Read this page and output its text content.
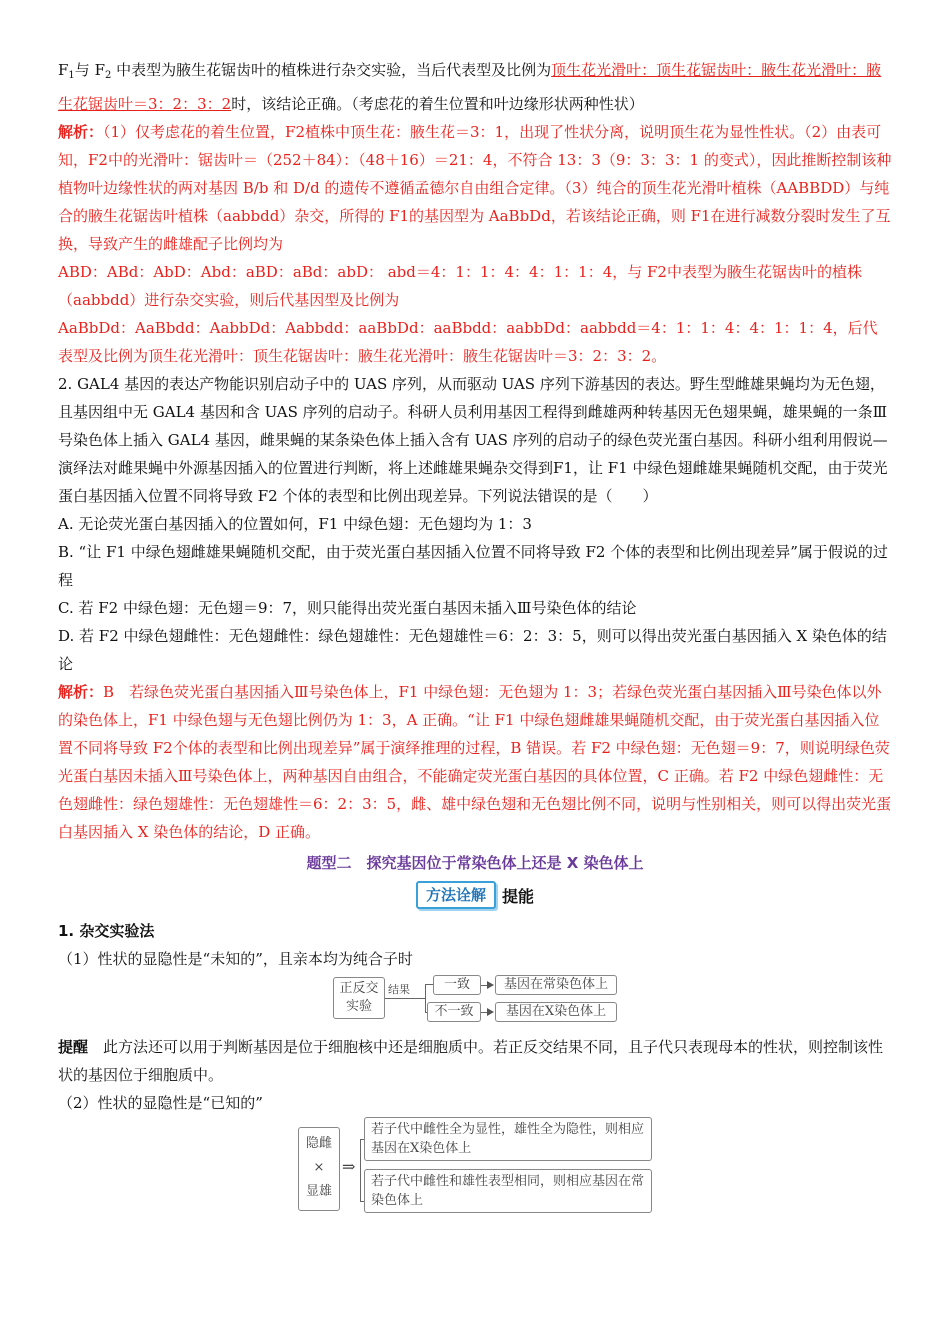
$F_1$与 $F_2$ 中表型为腋生花锯齿叶的植株进行杂交实验，当后代表型及比例为顶生花光滑叶：顶生花锯齿叶：腋生花光滑叶：腋生花锯齿叶＝3：2：3：2时，该结论正确。（考虑花的着生位置和叶边缘形状两种性状）

解析：（1）仅考虑花的着生位置，F2植株中顶生花：腋生花＝3：1，出现了性状分离，说明顶生花为显性性状。（2）由表可知，F2中的光滑叶：锯齿叶＝（252＋84）：（48＋16）＝21：4，不符合 13：3（9：3：3：1 的变式），因此推断控制该种植物叶边缘性状的两对基因 B/b 和 D/d 的遗传不遵循孟德尔自由组合定律。（3）纯合的顶生花光滑叶植株（AABBDD）与纯合的腋生花锯齿叶植株（aabbdd）杂交，所得的 F1的基因型为 AaBbDd，若该结论正确，则 F1在进行减数分裂时发生了互换，导致产生的雌雄配子比例均为

ABD：ABd：AbD：Abd：aBD：aBd：abD： abd＝4：1：1：4：4：1：1：4，与 F2中表型为腋生花锯齿叶的植株（aabbdd）进行杂交实验，则后代基因型及比例为

AaBbDd：AaBbdd：AabbDd：Aabbdd：aaBbDd：aaBbdd：aabbDd：aabbdd＝4：1：1：4：4：1：1：4，后代表型及比例为顶生花光滑叶：顶生花锯齿叶：腋生花光滑叶：腋生花锯齿叶＝3：2：3：2。

2. GAL4 基因的表达产物能识别启动子中的 UAS 序列，从而驱动 UAS 序列下游基因的表达。野生型雌雄果蝇均为无色翅，且基因组中无 GAL4 基因和含 UAS 序列的启动子。科研人员利用基因工程得到雌雄两种转基因无色翅果蝇，雄果蝇的一条Ⅲ号染色体上插入 GAL4 基因，雌果蝇的某条染色体上插入含有 UAS 序列的启动子的绿色荧光蛋白基因。科研小组利用假说—演绎法对雌果蝇中外源基因插入的位置进行判断，将上述雌雄果蝇杂交得到F1，让 F1 中绿色翅雌雄果蝇随机交配，由于荧光蛋白基因插入位置不同将导致 F2 个体的表型和比例出现差异。下列说法错误的是（　　）

A. 无论荧光蛋白基因插入的位置如何，F1 中绿色翅：无色翅均为 1：3

B. “让 F1 中绿色翅雌雄果蝇随机交配，由于荧光蛋白基因插入位置不同将导致 F2 个体的表型和比例出现差异”属于假说的过程

C. 若 F2 中绿色翅：无色翅＝9：7，则只能得出荧光蛋白基因未插入Ⅲ号染色体的结论

D. 若 F2 中绿色翅雌性：无色翅雌性：绿色翅雄性：无色翅雄性＝6：2：3：5，则可以得出荧光蛋白基因插入 X 染色体的结论

解析：B　若绿色荧光蛋白基因插入Ⅲ号染色体上，F1 中绿色翅：无色翅为 1：3；若绿色荧光蛋白基因插入Ⅲ号染色体以外的染色体上，F1 中绿色翅与无色翅比例仍为 1：3，A 正确。“让 F1 中绿色翅雌雄果蝇随机交配，由于荧光蛋白基因插入位置不同将导致 F2个体的表型和比例出现差异”属于演绎推理的过程，B 错误。若 F2 中绿色翅：无色翅＝9：7，则说明绿色荧光蛋白基因未插入Ⅲ号染色体上，两种基因自由组合，不能确定荧光蛋白基因的具体位置，C 正确。若 F2 中绿色翅雌性：无色翅雌性：绿色翅雄性：无色翅雄性＝6：2：3：5，雌、雄中绿色翅和无色翅比例不同，说明与性别相关，则可以得出荧光蛋白基因插入 X 染色体的结论，D 正确。

题型二　探究基因位于常染色体上还是 X 染色体上
方法诠解	提能

1. 杂交实验法

（1）性状的显隐性是“未知的”，且亲本均为纯合子时

正反交实验
结果	一致
不一致
基因在常染色体上
基因在X染色体上

提醒　 此方法还可以用于判断基因是位于细胞核中还是细胞质中。若正反交结果不同，且子代只表现母本的性状，则控制该性状的基因位于细胞质中。

（2）性状的显隐性是“已知的”

隐雌
×
显雄
⇒
若子代中雌性全为显性，雄性全为隐性，则相应基因在X染色体上
若子代中雌性和雄性表型相同，则相应基因在常染色体上
